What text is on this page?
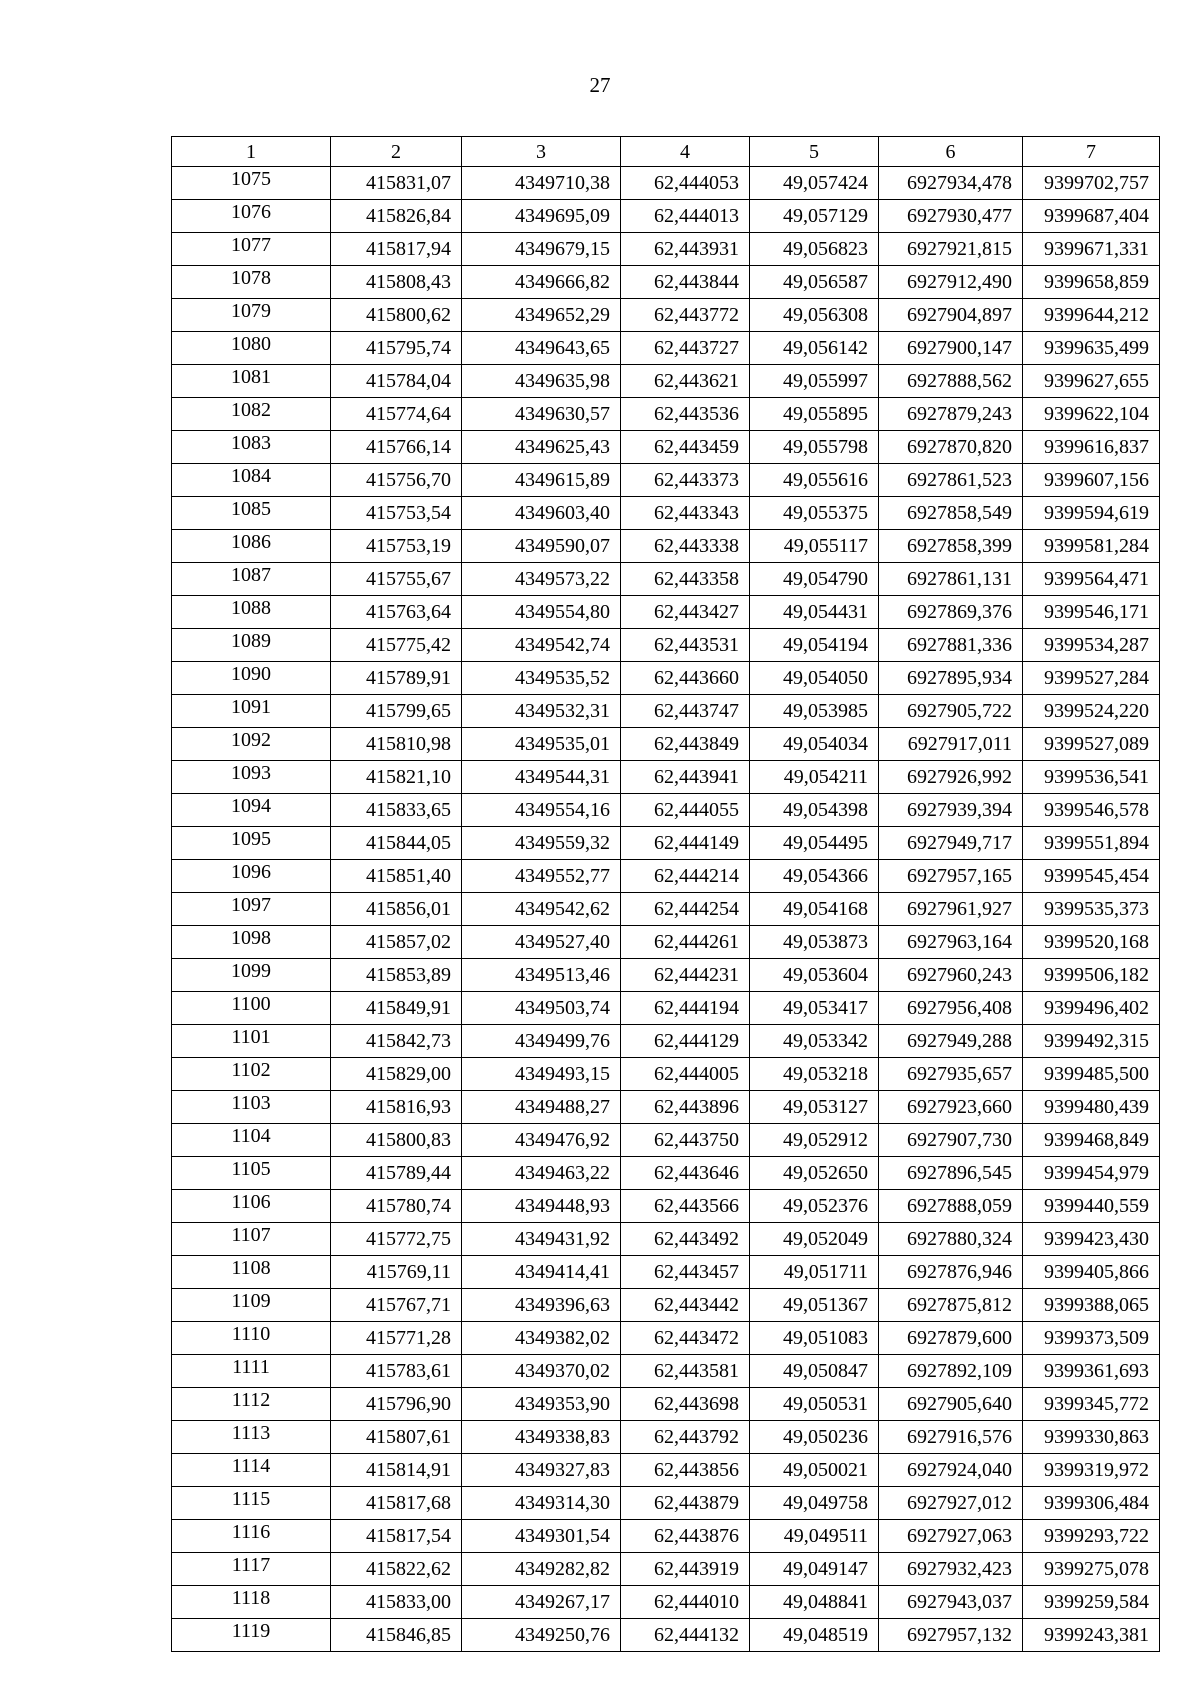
27
1	2	3	4	5	6	7
1075	415831,07	4349710,38	62,444053	49,057424	6927934,478	9399702,757
1076	415826,84	4349695,09	62,444013	49,057129	6927930,477	9399687,404
1077	415817,94	4349679,15	62,443931	49,056823	6927921,815	9399671,331
1078	415808,43	4349666,82	62,443844	49,056587	6927912,490	9399658,859
1079	415800,62	4349652,29	62,443772	49,056308	6927904,897	9399644,212
1080	415795,74	4349643,65	62,443727	49,056142	6927900,147	9399635,499
1081	415784,04	4349635,98	62,443621	49,055997	6927888,562	9399627,655
1082	415774,64	4349630,57	62,443536	49,055895	6927879,243	9399622,104
1083	415766,14	4349625,43	62,443459	49,055798	6927870,820	9399616,837
1084	415756,70	4349615,89	62,443373	49,055616	6927861,523	9399607,156
1085	415753,54	4349603,40	62,443343	49,055375	6927858,549	9399594,619
1086	415753,19	4349590,07	62,443338	49,055117	6927858,399	9399581,284
1087	415755,67	4349573,22	62,443358	49,054790	6927861,131	9399564,471
1088	415763,64	4349554,80	62,443427	49,054431	6927869,376	9399546,171
1089	415775,42	4349542,74	62,443531	49,054194	6927881,336	9399534,287
1090	415789,91	4349535,52	62,443660	49,054050	6927895,934	9399527,284
1091	415799,65	4349532,31	62,443747	49,053985	6927905,722	9399524,220
1092	415810,98	4349535,01	62,443849	49,054034	6927917,011	9399527,089
1093	415821,10	4349544,31	62,443941	49,054211	6927926,992	9399536,541
1094	415833,65	4349554,16	62,444055	49,054398	6927939,394	9399546,578
1095	415844,05	4349559,32	62,444149	49,054495	6927949,717	9399551,894
1096	415851,40	4349552,77	62,444214	49,054366	6927957,165	9399545,454
1097	415856,01	4349542,62	62,444254	49,054168	6927961,927	9399535,373
1098	415857,02	4349527,40	62,444261	49,053873	6927963,164	9399520,168
1099	415853,89	4349513,46	62,444231	49,053604	6927960,243	9399506,182
1100	415849,91	4349503,74	62,444194	49,053417	6927956,408	9399496,402
1101	415842,73	4349499,76	62,444129	49,053342	6927949,288	9399492,315
1102	415829,00	4349493,15	62,444005	49,053218	6927935,657	9399485,500
1103	415816,93	4349488,27	62,443896	49,053127	6927923,660	9399480,439
1104	415800,83	4349476,92	62,443750	49,052912	6927907,730	9399468,849
1105	415789,44	4349463,22	62,443646	49,052650	6927896,545	9399454,979
1106	415780,74	4349448,93	62,443566	49,052376	6927888,059	9399440,559
1107	415772,75	4349431,92	62,443492	49,052049	6927880,324	9399423,430
1108	415769,11	4349414,41	62,443457	49,051711	6927876,946	9399405,866
1109	415767,71	4349396,63	62,443442	49,051367	6927875,812	9399388,065
1110	415771,28	4349382,02	62,443472	49,051083	6927879,600	9399373,509
1111	415783,61	4349370,02	62,443581	49,050847	6927892,109	9399361,693
1112	415796,90	4349353,90	62,443698	49,050531	6927905,640	9399345,772
1113	415807,61	4349338,83	62,443792	49,050236	6927916,576	9399330,863
1114	415814,91	4349327,83	62,443856	49,050021	6927924,040	9399319,972
1115	415817,68	4349314,30	62,443879	49,049758	6927927,012	9399306,484
1116	415817,54	4349301,54	62,443876	49,049511	6927927,063	9399293,722
1117	415822,62	4349282,82	62,443919	49,049147	6927932,423	9399275,078
1118	415833,00	4349267,17	62,444010	49,048841	6927943,037	9399259,584
1119	415846,85	4349250,76	62,444132	49,048519	6927957,132	9399243,381
